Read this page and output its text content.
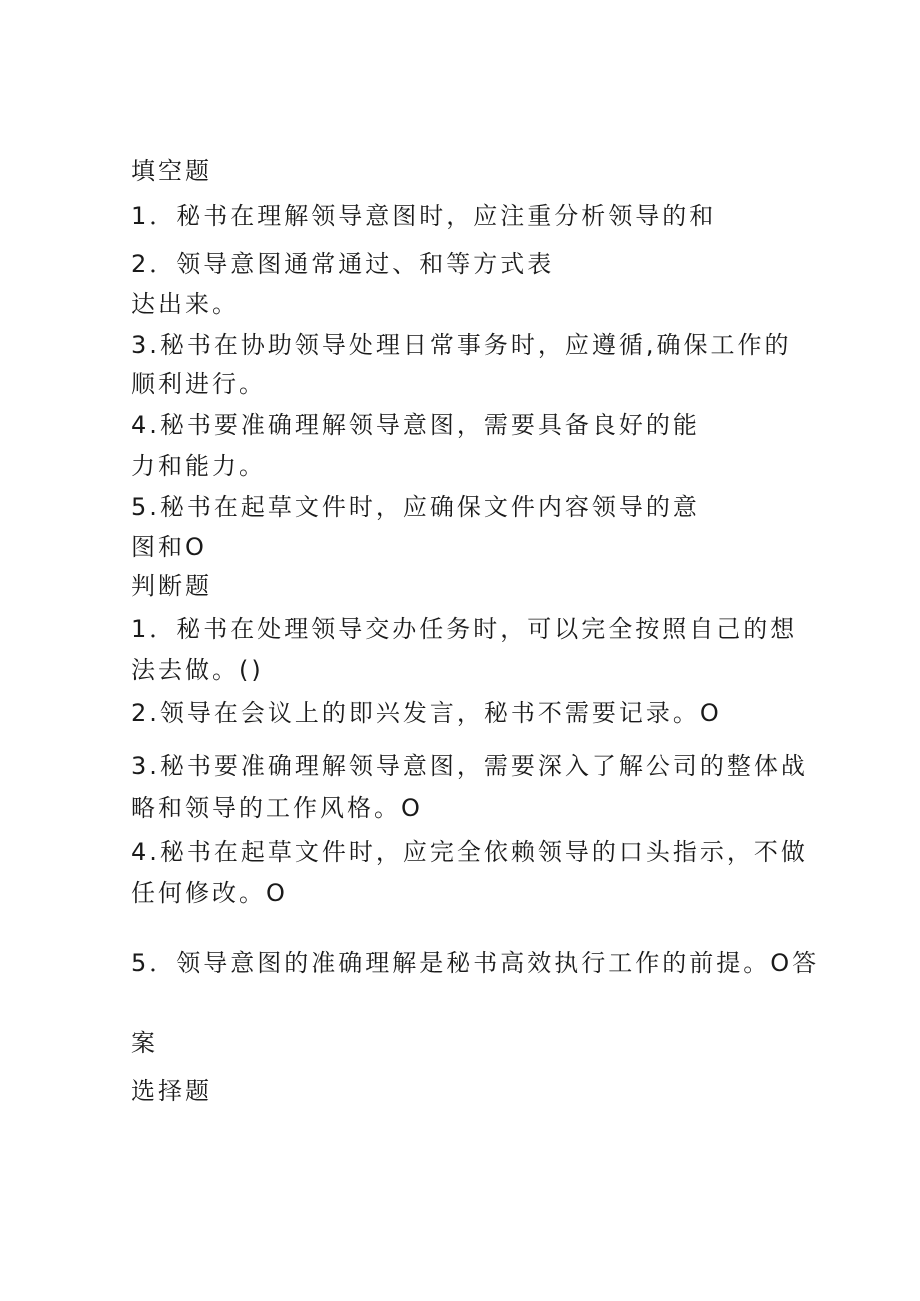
填空题
1．秘书在理解领导意图时，应注重分析领导的和
2．领导意图通常通过、和等方式表
达出来。
3.秘书在协助领导处理日常事务时，应遵循,确保工作的
顺利进行。
4.秘书要准确理解领导意图，需要具备良好的能
力和能力。
5.秘书在起草文件时，应确保文件内容领导的意
图和O
判断题
1．秘书在处理领导交办任务时，可以完全按照自己的想
法去做。()
2.领导在会议上的即兴发言，秘书不需要记录。O
3.秘书要准确理解领导意图，需要深入了解公司的整体战
略和领导的工作风格。O
4.秘书在起草文件时，应完全依赖领导的口头指示，不做
任何修改。O
5．领导意图的准确理解是秘书高效执行工作的前提。O答
案
选择题
